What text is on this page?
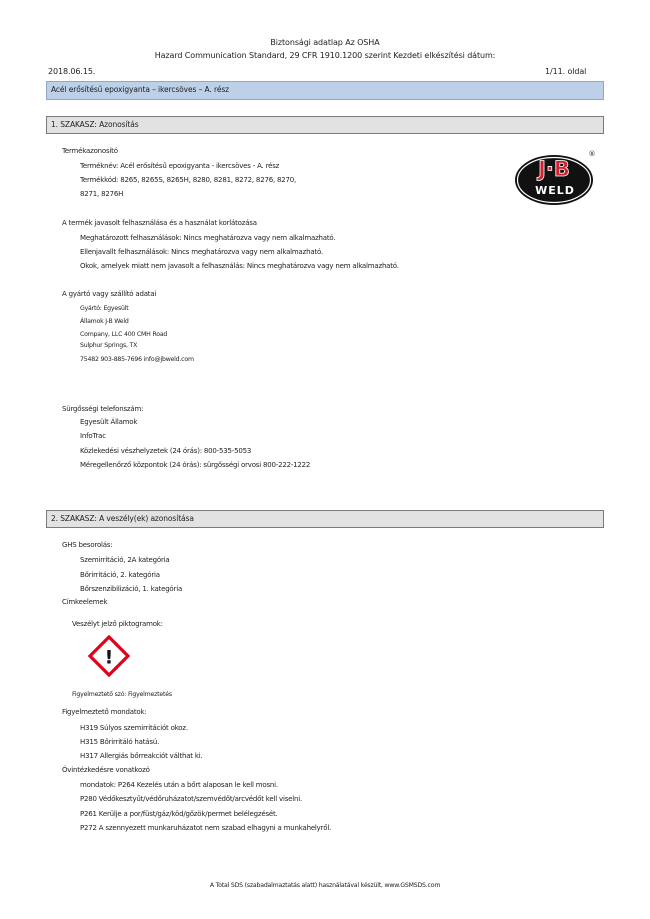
Biztonsági adatlap Az OSHA
Hazard Communication Standard, 29 CFR 1910.1200 szerint Kezdeti elkészítési dátum:
2018.06.15.	1/11. oldal
Acél erősítésű epoxigyanta – ikercsöves – A. rész
1. SZAKASZ: Azonosítás
Termékazonosító
Terméknév: Acél erősítésű epoxigyanta - ikercsöves - A. rész
Termékkód: 8265, 8265S, 8265H, 8280, 8281, 8272, 8276, 8270,
8271, 8276H
J·B
WELD
®
A termék javasolt felhasználása és a használat korlátozása
Meghatározott felhasználások: Nincs meghatározva vagy nem alkalmazható.
Ellenjavallt felhasználások: Nincs meghatározva vagy nem alkalmazható.
Okok, amelyek miatt nem javasolt a felhasználás: Nincs meghatározva vagy nem alkalmazható.
A gyártó vagy szállító adatai
Gyártó: Egyesült
Államok J-B Weld
Company, LLC 400 CMH Road
Sulphur Springs, TX
75482 903-885-7696 info@jbweld.com
Sürgősségi telefonszám:
Egyesült Államok
InfoTrac
Közlekedési vészhelyzetek (24 órás): 800-535-5053
Méregellenőrző központok (24 órás): sürgősségi orvosi 800-222-1222
2. SZAKASZ: A veszély(ek) azonosítása
GHS besorolás:
Szemirritáció, 2A kategória
Bőrirritáció, 2. kategória
Bőrszenzibilizáció, 1. kategória
Címkeelemek
Veszélyt jelző piktogramok:
!
Figyelmeztető szó: Figyelmeztetés
Figyelmeztető mondatok:
H319 Súlyos szemirritációt okoz.
H315 Bőrirritáló hatású.
H317 Allergiás bőrreakciót válthat ki.
Óvintézkedésre vonatkozó
mondatok: P264 Kezelés után a bőrt alaposan le kell mosni.
P280 Védőkesztyűt/védőruházatot/szemvédőt/arcvédőt kell viselni.
P261 Kerülje a por/füst/gáz/köd/gőzök/permet belélegzését.
P272 A szennyezett munkaruházatot nem szabad elhagyni a munkahelyről.
A Total SDS (szabadalmaztatás alatt) használatával készült, www.GSMSDS.com
